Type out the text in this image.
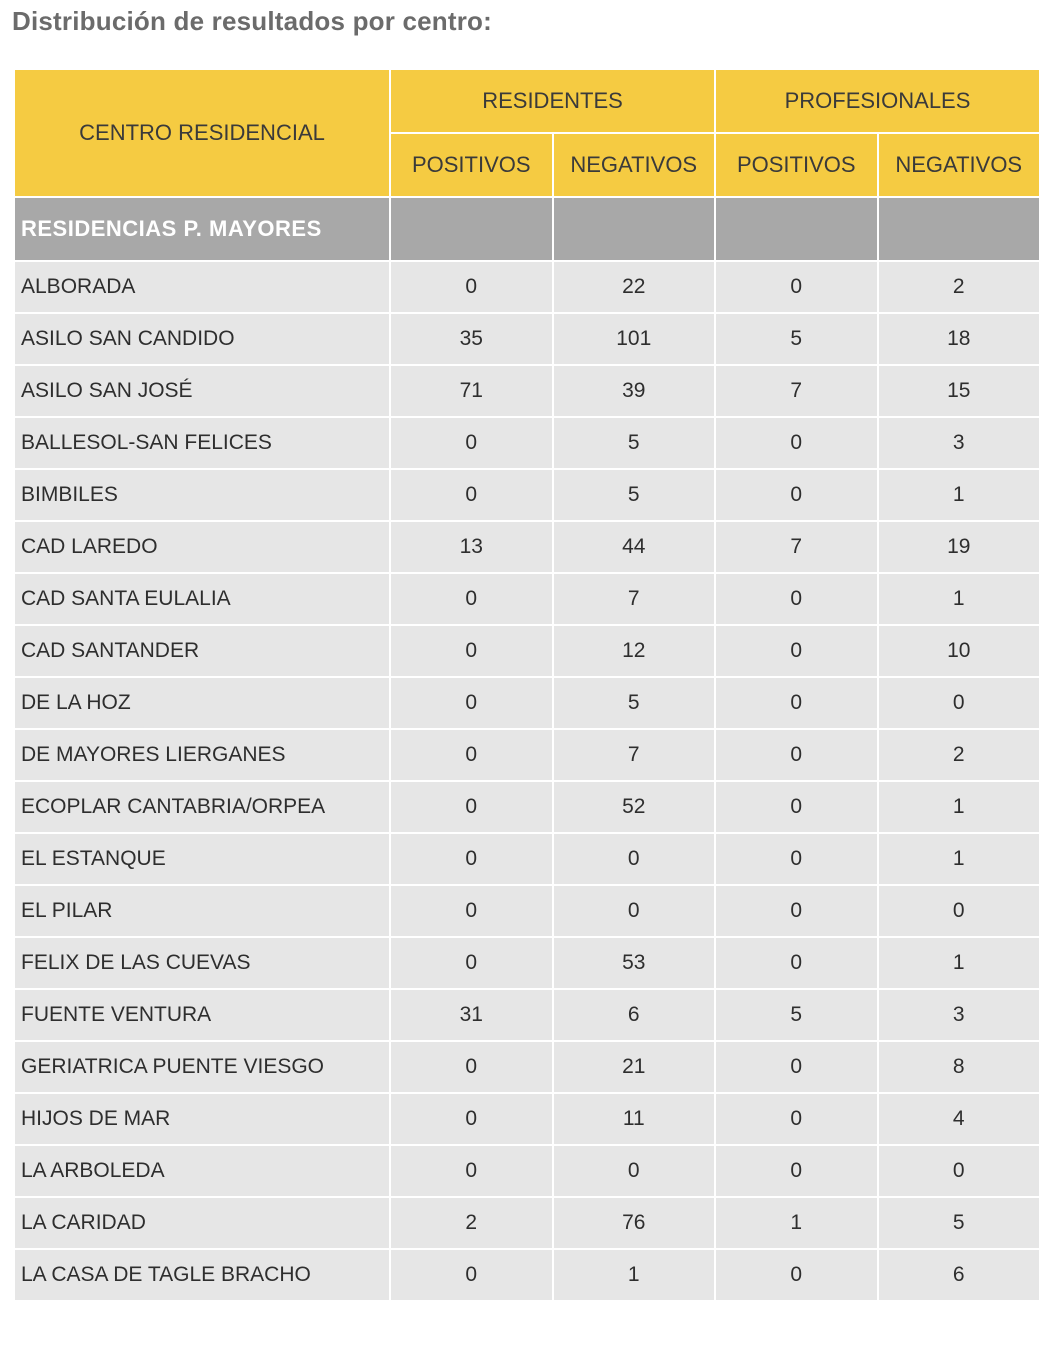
Distribución de resultados por centro:
CENTRO RESIDENCIAL	RESIDENTES		PROFESIONALES	
	POSITIVOS	NEGATIVOS	POSITIVOS	NEGATIVOS
RESIDENCIAS P. MAYORES				
ALBORADA	0	22	0	2
ASILO SAN CANDIDO	35	101	5	18
ASILO SAN JOSÉ	71	39	7	15
BALLESOL-SAN FELICES	0	5	0	3
BIMBILES	0	5	0	1
CAD LAREDO	13	44	7	19
CAD SANTA EULALIA	0	7	0	1
CAD SANTANDER	0	12	0	10
DE LA HOZ	0	5	0	0
DE MAYORES LIERGANES	0	7	0	2
ECOPLAR CANTABRIA/ORPEA	0	52	0	1
EL ESTANQUE	0	0	0	1
EL PILAR	0	0	0	0
FELIX DE LAS CUEVAS	0	53	0	1
FUENTE VENTURA	31	6	5	3
GERIATRICA PUENTE VIESGO	0	21	0	8
HIJOS DE MAR	0	11	0	4
LA ARBOLEDA	0	0	0	0
LA CARIDAD	2	76	1	5
LA CASA DE TAGLE BRACHO	0	1	0	6
